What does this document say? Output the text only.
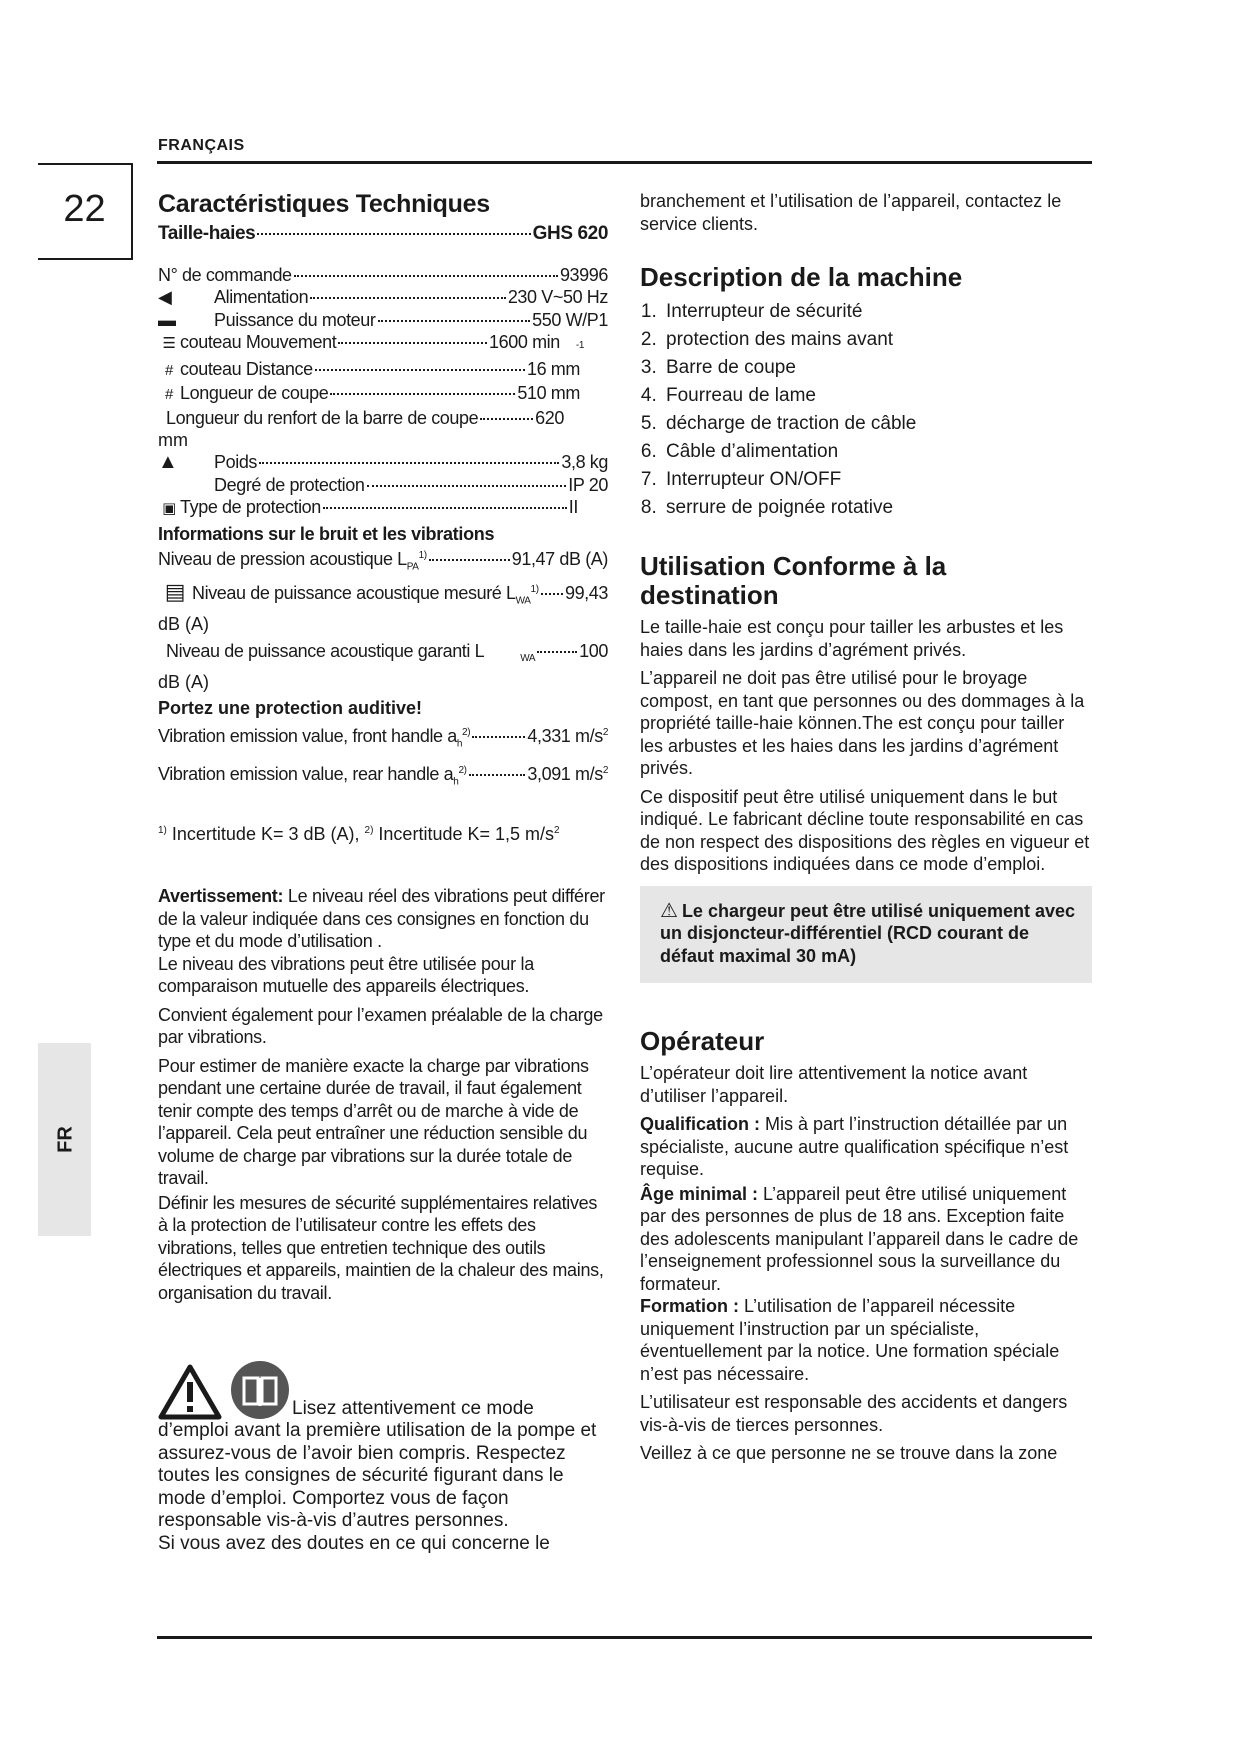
FRANÇAIS
22
FR
Caractéristiques Techniques
Taille-haies	GHS 620
N° de commande	93996
◀	Alimentation	230 V~50 Hz
▬	Puissance du moteur	550 W/P1
☰ couteau Mouvement	1600 min $_{-1}$
# couteau Distance	16 mm
# Longueur de coupe	510 mm
Longueur du renfort de la barre de coupe	620
mm
▲	Poids	3,8 kg
Degré de protection	IP 20
▣ Type de protection	II
Informations sur le bruit et les vibrations
Niveau de pression acoustique $L_{PA}^{1)}$	91,47 dB (A)
▤ Niveau de puissance acoustique mesuré $L_{WA}^{1)}$ 99,43
dB (A)
Niveau de puissance acoustique garanti L	$_{WA}$ 100
dB (A)
Portez une protection auditive!
Vibration emission value, front handle $a_h^{2)}$	4,331 $m/s^2$
Vibration emission value, rear handle $a_h^{2)}$	3,091 $m/s^2$
$^{1)}$ Incertitude K= 3 dB (A), $^{2)}$ Incertitude K= 1,5 $m/s^2$

Avertissement: Le niveau réel des vibrations peut différer de la valeur indiquée dans ces consignes en fonction du type et du mode d’utilisation .
Le niveau des vibrations peut être utilisée pour la comparaison mutuelle des appareils électriques.

Convient également pour l’examen préalable de la charge par vibrations.

Pour estimer de manière exacte la charge par vibrations pendant une certaine durée de travail, il faut également tenir compte des temps d’arrêt ou de marche à vide de l’appareil. Cela peut entraîner une réduction sensible du volume de charge par vibrations sur la durée totale de travail.

Définir les mesures de sécurité supplémentaires relatives à la protection de l’utilisateur contre les effets des vibrations, telles que entretien technique des outils électriques et appareils, maintien de la chaleur des mains, organisation du travail.

Lisez attentivement ce mode
d’emploi avant la première utilisation de la pompe et assurez-vous de l’avoir bien compris. Respectez toutes les consignes de sécurité figurant dans le mode d’emploi. Comportez vous de façon responsable vis-à-vis d’autres personnes.
Si vous avez des doutes en ce qui concerne le

branchement et l’utilisation de l’appareil, contactez le service clients.

Description de la machine
1. Interrupteur de sécurité
2. protection des mains avant
3. Barre de coupe
4. Fourreau de lame
5. décharge de traction de câble
6. Câble d’alimentation
7. Interrupteur ON/OFF
8. serrure de poignée rotative
Utilisation Conforme à la destination

Le taille-haie est conçu pour tailler les arbustes et les haies dans les jardins d’agrément privés.

L’appareil ne doit pas être utilisé pour le broyage compost, en tant que personnes ou des dommages à la propriété taille-haie können.The est conçu pour tailler les arbustes et les haies dans les jardins d’agrément privés.

Ce dispositif peut être utilisé uniquement dans le but indiqué. Le fabricant décline toute responsabilité en cas de non respect des dispositions des règles en vigueur et des dispositions indiquées dans ce mode d’emploi.

⚠ Le chargeur peut être utilisé uniquement avec un disjoncteur-différentiel (RCD courant de défaut maximal 30 mA)
Opérateur

L’opérateur doit lire attentivement la notice avant d’utiliser l’appareil.

Qualification : Mis à part l’instruction détaillée par un spécialiste, aucune autre qualification spécifique n’est requise.

Âge minimal : L’appareil peut être utilisé uniquement par des personnes de plus de 18 ans. Exception faite des adolescents manipulant l’appareil dans le cadre de l’enseignement professionnel sous la surveillance du formateur.

Formation : L’utilisation de l’appareil nécessite uniquement l’instruction par un spécialiste, éventuellement par la notice. Une formation spéciale n’est pas nécessaire.

L’utilisateur est responsable des accidents et dangers vis-à-vis de tierces personnes.

Veillez à ce que personne ne se trouve dans la zone
